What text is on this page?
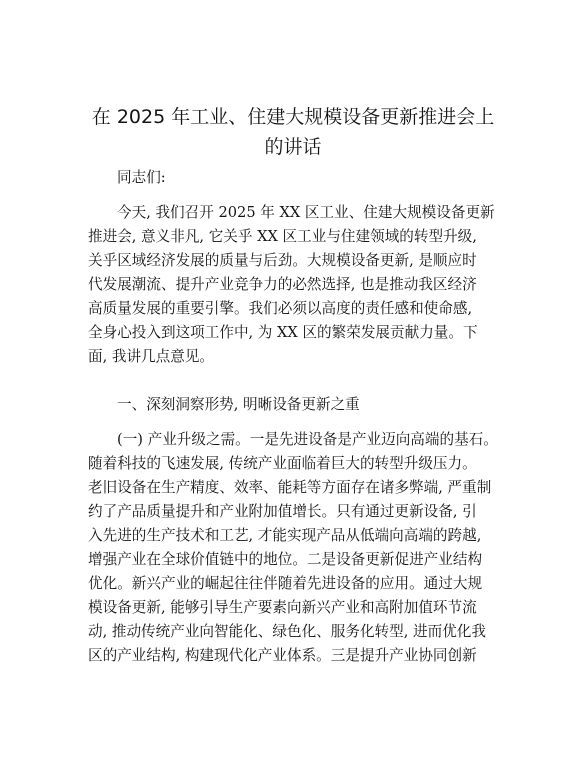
在 2025 年工业、住建大规模设备更新推进会上
的讲话
同志们:
今天, 我们召开 2025 年 XX 区工业、住建大规模设备更新
推进会, 意义非凡, 它关乎 XX 区工业与住建领域的转型升级,
关乎区域经济发展的质量与后劲。大规模设备更新, 是顺应时
代发展潮流、提升产业竞争力的必然选择, 也是推动我区经济
高质量发展的重要引擎。我们必须以高度的责任感和使命感,
全身心投入到这项工作中, 为 XX 区的繁荣发展贡献力量。下
面, 我讲几点意见。
一、深刻洞察形势, 明晰设备更新之重
(一) 产业升级之需。一是先进设备是产业迈向高端的基石。
随着科技的飞速发展, 传统产业面临着巨大的转型升级压力。
老旧设备在生产精度、效率、能耗等方面存在诸多弊端, 严重制
约了产品质量提升和产业附加值增长。只有通过更新设备, 引
入先进的生产技术和工艺, 才能实现产品从低端向高端的跨越,
增强产业在全球价值链中的地位。二是设备更新促进产业结构
优化。新兴产业的崛起往往伴随着先进设备的应用。通过大规
模设备更新, 能够引导生产要素向新兴产业和高附加值环节流
动, 推动传统产业向智能化、绿色化、服务化转型, 进而优化我
区的产业结构, 构建现代化产业体系。三是提升产业协同创新
